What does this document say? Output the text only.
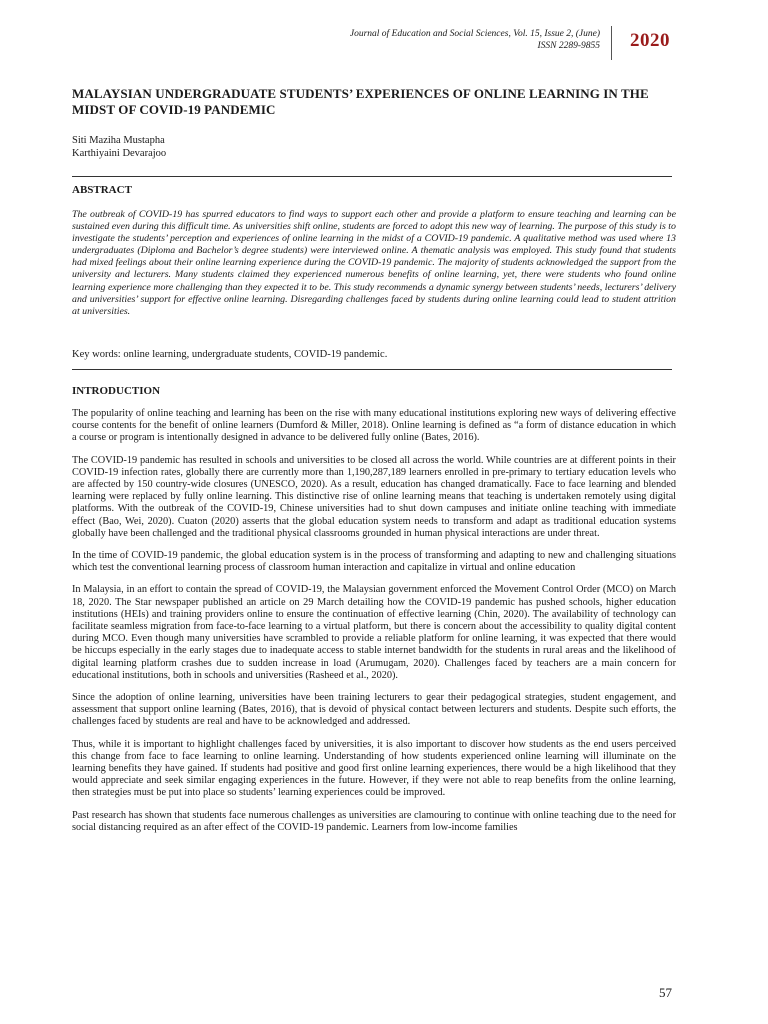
Journal of Education and Social Sciences, Vol. 15, Issue 2, (June)
ISSN 2289-9855 2020
MALAYSIAN UNDERGRADUATE STUDENTS’ EXPERIENCES OF ONLINE LEARNING IN THE MIDST OF COVID-19 PANDEMIC
Siti Maziha Mustapha
Karthiyaini Devarajoo
ABSTRACT
The outbreak of COVID-19 has spurred educators to find ways to support each other and provide a platform to ensure teaching and learning can be sustained even during this difficult time. As universities shift online, students are forced to adopt this new way of learning. The purpose of this study is to investigate the students’ perception and experiences of online learning in the midst of a COVID-19 pandemic. A qualitative method was used where 13 undergraduates (Diploma and Bachelor’s degree students) were interviewed online. A thematic analysis was employed. This study found that students had mixed feelings about their online learning experience during the COVID-19 pandemic. The majority of students acknowledged the support from the university and lecturers. Many students claimed they experienced numerous benefits of online learning, yet, there were students who found online learning experience more challenging than they expected it to be. This study recommends a dynamic synergy between students’ needs, lecturers’ delivery and universities’ support for effective online learning. Disregarding challenges faced by students during online learning could lead to student attrition at universities.
Key words: online learning, undergraduate students, COVID-19 pandemic.
INTRODUCTION

The popularity of online teaching and learning has been on the rise with many educational institutions exploring new ways of delivering effective course contents for the benefit of online learners (Dumford & Miller, 2018). Online learning is defined as “a form of distance education in which a course or program is intentionally designed in advance to be delivered fully online (Bates, 2016).

The COVID-19 pandemic has resulted in schools and universities to be closed all across the world. While countries are at different points in their COVID-19 infection rates, globally there are currently more than 1,190,287,189 learners enrolled in pre-primary to tertiary education levels who are affected by 150 country-wide closures (UNESCO, 2020). As a result, education has changed dramatically. Face to face learning and blended learning were replaced by fully online learning. This distinctive rise of online learning means that teaching is undertaken remotely using digital platforms. With the outbreak of the COVID-19, Chinese universities had to shut down campuses and initiate online teaching with immediate effect (Bao, Wei, 2020). Cuaton (2020) asserts that the global education system needs to transform and adapt as traditional education systems globally have been challenged and the traditional physical classrooms grounded in human physical interactions are under threat.

In the time of COVID-19 pandemic, the global education system is in the process of transforming and adapting to new and challenging situations which test the conventional learning process of classroom human interaction and capitalize in virtual and online education

In Malaysia, in an effort to contain the spread of COVID-19, the Malaysian government enforced the Movement Control Order (MCO) on March 18, 2020. The Star newspaper published an article on 29 March detailing how the COVID-19 pandemic has pushed schools, higher education institutions (HEIs) and training providers online to ensure the continuation of effective learning (Chin, 2020). The availability of technology can facilitate seamless migration from face-to-face learning to a virtual platform, but there is concern about the accessibility to quality digital content during MCO. Even though many universities have scrambled to provide a reliable platform for online learning, it was expected that there would be hiccups especially in the early stages due to inadequate access to stable internet bandwidth for the students in rural areas and the likelihood of digital learning platform crashes due to sudden increase in load (Arumugam, 2020). Challenges faced by teachers are a main concern for educational institutions, both in schools and universities (Rasheed et al., 2020).

Since the adoption of online learning, universities have been training lecturers to gear their pedagogical strategies, student engagement, and assessment that support online learning (Bates, 2016), that is devoid of physical contact between lecturers and students. Despite such efforts, the challenges faced by students are real and have to be acknowledged and addressed.

Thus, while it is important to highlight challenges faced by universities, it is also important to discover how students as the end users perceived this change from face to face learning to online learning. Understanding of how students experienced online learning will illuminate on the learning benefits they have gained. If students had positive and good first online learning experiences, there would be a high likelihood that they would appreciate and seek similar engaging experiences in the future. However, if they were not able to reap benefits from the online learning, then strategies must be put into place so students’ learning experiences could be improved.

Past research has shown that students face numerous challenges as universities are clamouring to continue with online teaching due to the need for social distancing required as an after effect of the COVID-19 pandemic. Learners from low-income families

57
